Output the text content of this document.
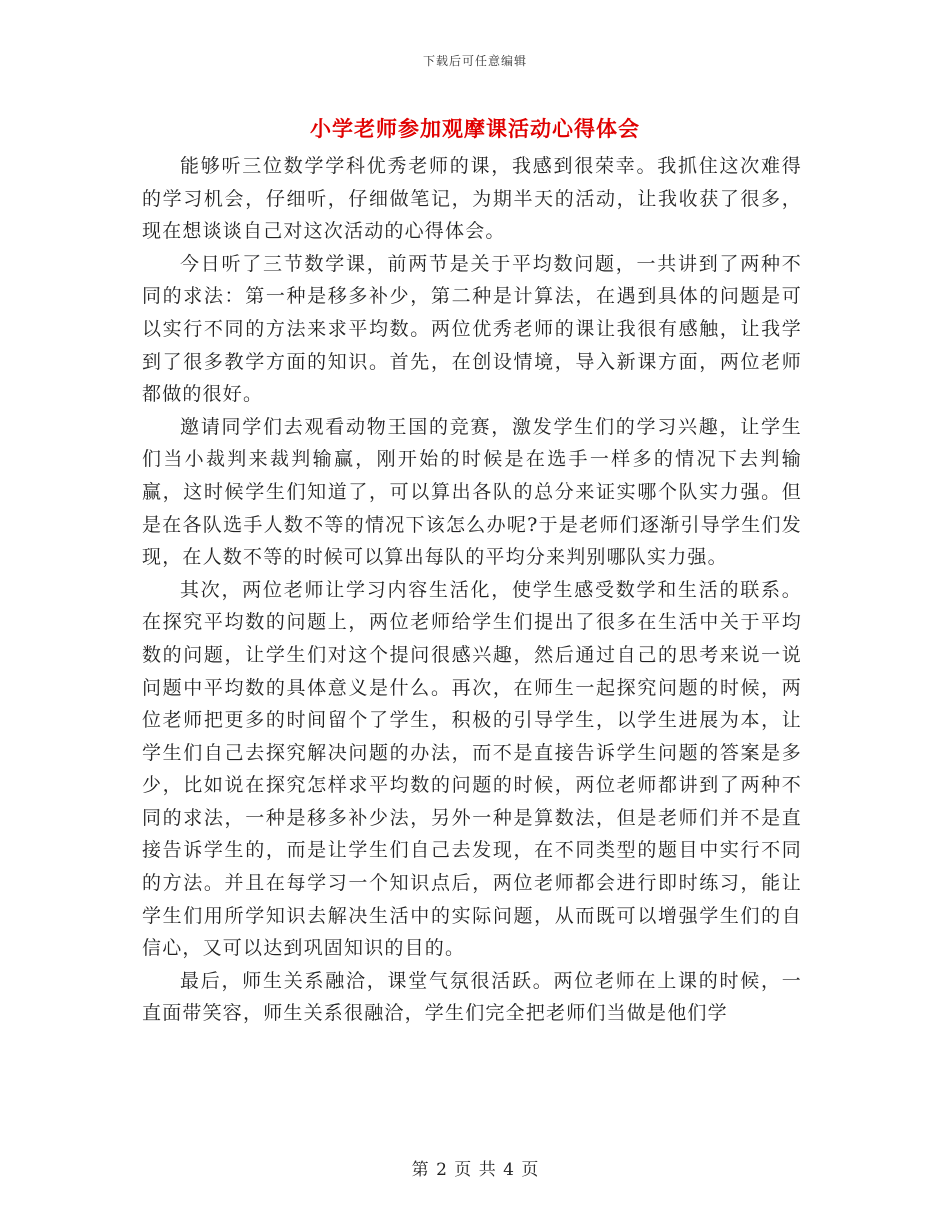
下载后可任意编辑
小学老师参加观摩课活动心得体会

能够听三位数学学科优秀老师的课，我感到很荣幸。我抓住这次难得的学习机会，仔细听，仔细做笔记，为期半天的活动，让我收获了很多，现在想谈谈自己对这次活动的心得体会。

今日听了三节数学课，前两节是关于平均数问题，一共讲到了两种不同的求法：第一种是移多补少，第二种是计算法，在遇到具体的问题是可以实行不同的方法来求平均数。两位优秀老师的课让我很有感触，让我学到了很多教学方面的知识。首先，在创设情境，导入新课方面，两位老师都做的很好。

邀请同学们去观看动物王国的竞赛，激发学生们的学习兴趣，让学生们当小裁判来裁判输赢，刚开始的时候是在选手一样多的情况下去判输赢，这时候学生们知道了，可以算出各队的总分来证实哪个队实力强。但是在各队选手人数不等的情况下该怎么办呢?于是老师们逐渐引导学生们发现，在人数不等的时候可以算出每队的平均分来判别哪队实力强。

其次，两位老师让学习内容生活化，使学生感受数学和生活的联系。在探究平均数的问题上，两位老师给学生们提出了很多在生活中关于平均数的问题，让学生们对这个提问很感兴趣，然后通过自己的思考来说一说问题中平均数的具体意义是什么。再次，在师生一起探究问题的时候，两位老师把更多的时间留个了学生，积极的引导学生，以学生进展为本，让学生们自己去探究解决问题的办法，而不是直接告诉学生问题的答案是多少，比如说在探究怎样求平均数的问题的时候，两位老师都讲到了两种不同的求法，一种是移多补少法，另外一种是算数法，但是老师们并不是直接告诉学生的，而是让学生们自己去发现，在不同类型的题目中实行不同的方法。并且在每学习一个知识点后，两位老师都会进行即时练习，能让学生们用所学知识去解决生活中的实际问题，从而既可以增强学生们的自信心，又可以达到巩固知识的目的。

最后，师生关系融洽，课堂气氛很活跃。两位老师在上课的时候，一直面带笑容，师生关系很融洽，学生们完全把老师们当做是他们学

第 2 页 共 4 页
